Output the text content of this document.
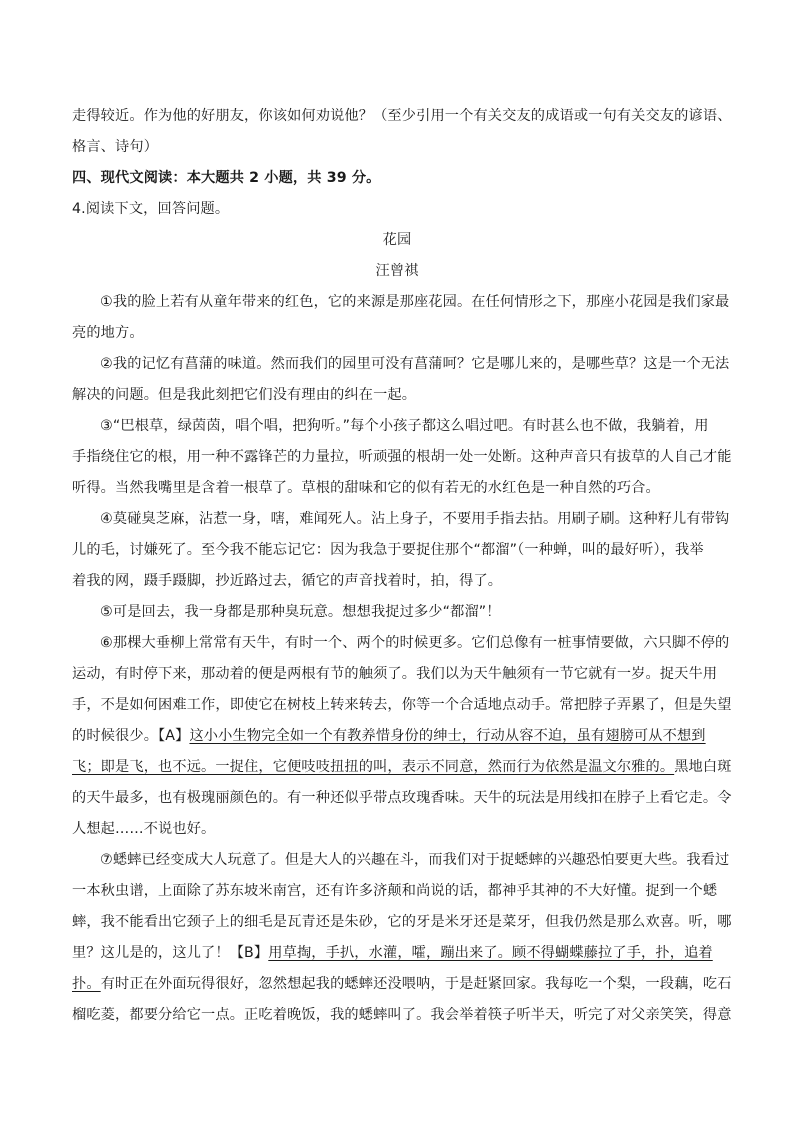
走得较近。作为他的好朋友，你该如何劝说他？（至少引用一个有关交友的成语或一句有关交友的谚语、
格言、诗句）
四、现代文阅读：本大题共 2 小题，共 39 分。
4.阅读下文，回答问题。
花园
汪曾祺
①我的脸上若有从童年带来的红色，它的来源是那座花园。在任何情形之下，那座小花园是我们家最
亮的地方。
②我的记忆有菖蒲的味道。然而我们的园里可没有菖蒲呵？它是哪儿来的，是哪些草？这是一个无法
解决的问题。但是我此刻把它们没有理由的纠在一起。
③“巴根草，绿茵茵，唱个唱，把狗听。”每个小孩子都这么唱过吧。有时甚么也不做，我躺着，用
手指绕住它的根，用一种不露锋芒的力量拉，听顽强的根胡一处一处断。这种声音只有拔草的人自己才能
听得。当然我嘴里是含着一根草了。草根的甜味和它的似有若无的水红色是一种自然的巧合。
④莫碰臭芝麻，沾惹一身，嗐，难闻死人。沾上身子，不要用手指去拈。用刷子刷。这种籽儿有带钩
儿的毛，讨嫌死了。至今我不能忘记它：因为我急于要捉住那个“都溜”（一种蝉，叫的最好听），我举
着我的网，蹑手蹑脚，抄近路过去，循它的声音找着时，拍，得了。
⑤可是回去，我一身都是那种臭玩意。想想我捉过多少“都溜”！
⑥那棵大垂柳上常常有天牛，有时一个、两个的时候更多。它们总像有一桩事情要做，六只脚不停的
运动，有时停下来，那动着的便是两根有节的触须了。我们以为天牛触须有一节它就有一岁。捉天牛用
手，不是如何困难工作，即使它在树枝上转来转去，你等一个合适地点动手。常把脖子弄累了，但是失望
的时候很少。【A】这小小生物完全如一个有教养惜身份的绅士，行动从容不迫，虽有翅膀可从不想到
飞；即是飞，也不远。一捉住，它便吱吱扭扭的叫，表示不同意，然而行为依然是温文尔雅的。黑地白斑
的天牛最多，也有极瑰丽颜色的。有一种还似乎带点玫瑰香味。天牛的玩法是用线扣在脖子上看它走。令
人想起……不说也好。
⑦蟋蟀已经变成大人玩意了。但是大人的兴趣在斗，而我们对于捉蟋蟀的兴趣恐怕要更大些。我看过
一本秋虫谱，上面除了苏东坡米南宫，还有许多济颠和尚说的话，都神乎其神的不大好懂。捉到一个蟋
蟀，我不能看出它颈子上的细毛是瓦青还是朱砂，它的牙是米牙还是菜牙，但我仍然是那么欢喜。听，哪
里？这儿是的，这儿了！【B】用草掏，手扒，水灌，嚯，蹦出来了。顾不得蝴蝶藤拉了手，扑，追着
扑。有时正在外面玩得很好，忽然想起我的蟋蟀还没喂呐，于是赶紧回家。我每吃一个梨，一段藕，吃石
榴吃菱，都要分给它一点。正吃着晚饭，我的蟋蟀叫了。我会举着筷子听半天，听完了对父亲笑笑，得意
